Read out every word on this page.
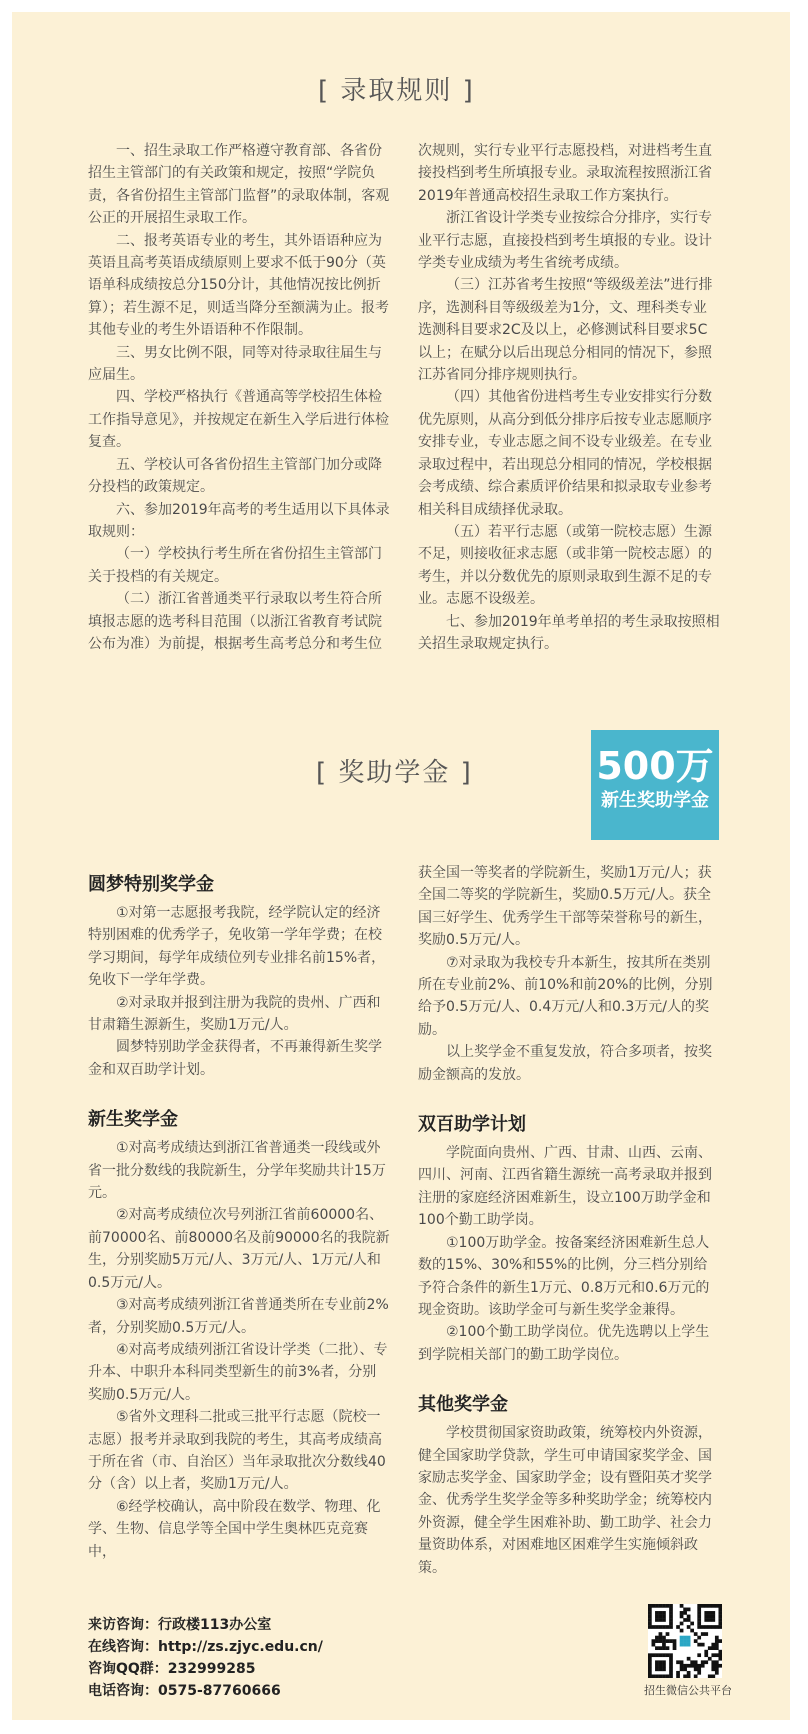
[ 录取规则 ]

一、招生录取工作严格遵守教育部、各省份招生主管部门的有关政策和规定，按照“学院负责，各省份招生主管部门监督”的录取体制，客观公正的开展招生录取工作。

二、报考英语专业的考生，其外语语种应为英语且高考英语成绩原则上要求不低于90分（英语单科成绩按总分150分计，其他情况按比例折算）；若生源不足，则适当降分至额满为止。报考其他专业的考生外语语种不作限制。

三、男女比例不限，同等对待录取往届生与应届生。

四、学校严格执行《普通高等学校招生体检工作指导意见》，并按规定在新生入学后进行体检复查。

五、学校认可各省份招生主管部门加分或降分投档的政策规定。

六、参加2019年高考的考生适用以下具体录取规则：

（一）学校执行考生所在省份招生主管部门关于投档的有关规定。

（二）浙江省普通类平行录取以考生符合所填报志愿的选考科目范围（以浙江省教育考试院公布为准）为前提，根据考生高考总分和考生位

次规则，实行专业平行志愿投档，对进档考生直接投档到考生所填报专业。录取流程按照浙江省2019年普通高校招生录取工作方案执行。

浙江省设计学类专业按综合分排序，实行专业平行志愿，直接投档到考生填报的专业。设计学类专业成绩为考生省统考成绩。

（三）江苏省考生按照“等级级差法”进行排序，选测科目等级级差为1分，文、理科类专业选测科目要求2C及以上，必修测试科目要求5C以上；在赋分以后出现总分相同的情况下，参照江苏省同分排序规则执行。

（四）其他省份进档考生专业安排实行分数优先原则，从高分到低分排序后按专业志愿顺序安排专业，专业志愿之间不设专业级差。在专业录取过程中，若出现总分相同的情况，学校根据会考成绩、综合素质评价结果和拟录取专业参考相关科目成绩择优录取。

（五）若平行志愿（或第一院校志愿）生源不足，则接收征求志愿（或非第一院校志愿）的考生，并以分数优先的原则录取到生源不足的专业。志愿不设级差。

七、参加2019年单考单招的考生录取按照相关招生录取规定执行。

[ 奖助学金 ]	500万
新生奖助学金
圆梦特别奖学金

①对第一志愿报考我院，经学院认定的经济特别困难的优秀学子，免收第一学年学费；在校学习期间，每学年成绩位列专业排名前15%者，免收下一学年学费。

②对录取并报到注册为我院的贵州、广西和甘肃籍生源新生，奖励1万元/人。

圆梦特别助学金获得者，不再兼得新生奖学金和双百助学计划。

新生奖学金

①对高考成绩达到浙江省普通类一段线或外省一批分数线的我院新生，分学年奖励共计15万元。

②对高考成绩位次号列浙江省前60000名、前70000名、前80000名及前90000名的我院新生，分别奖励5万元/人、3万元/人、1万元/人和0.5万元/人。

③对高考成绩列浙江省普通类所在专业前2%者，分别奖励0.5万元/人。

④对高考成绩列浙江省设计学类（二批）、专升本、中职升本科同类型新生的前3%者，分别奖励0.5万元/人。

⑤省外文理科二批或三批平行志愿（院校一志愿）报考并录取到我院的考生，其高考成绩高于所在省（市、自治区）当年录取批次分数线40分（含）以上者，奖励1万元/人。

⑥经学校确认，高中阶段在数学、物理、化学、生物、信息学等全国中学生奥林匹克竞赛中，

获全国一等奖者的学院新生，奖励1万元/人；获全国二等奖的学院新生，奖励0.5万元/人。获全国三好学生、优秀学生干部等荣誉称号的新生，奖励0.5万元/人。

⑦对录取为我校专升本新生，按其所在类别所在专业前2%、前10%和前20%的比例，分别给予0.5万元/人、0.4万元/人和0.3万元/人的奖励。

以上奖学金不重复发放，符合多项者，按奖励金额高的发放。

双百助学计划

学院面向贵州、广西、甘肃、山西、云南、四川、河南、江西省籍生源统一高考录取并报到注册的家庭经济困难新生，设立100万助学金和100个勤工助学岗。

①100万助学金。按备案经济困难新生总人数的15%、30%和55%的比例，分三档分别给予符合条件的新生1万元、0.8万元和0.6万元的现金资助。该助学金可与新生奖学金兼得。

②100个勤工助学岗位。优先选聘以上学生到学院相关部门的勤工助学岗位。

其他奖学金

学校贯彻国家资助政策，统筹校内外资源，健全国家助学贷款，学生可申请国家奖学金、国家励志奖学金、国家助学金；设有暨阳英才奖学金、优秀学生奖学金等多种奖助学金；统筹校内外资源，健全学生困难补助、勤工助学、社会力量资助体系，对困难地区困难学生实施倾斜政策。

来访咨询：行政楼113办公室
在线咨询：http://zs.zjyc.edu.cn/
咨询QQ群：232999285
电话咨询：0575-87760666	招生微信公共平台
